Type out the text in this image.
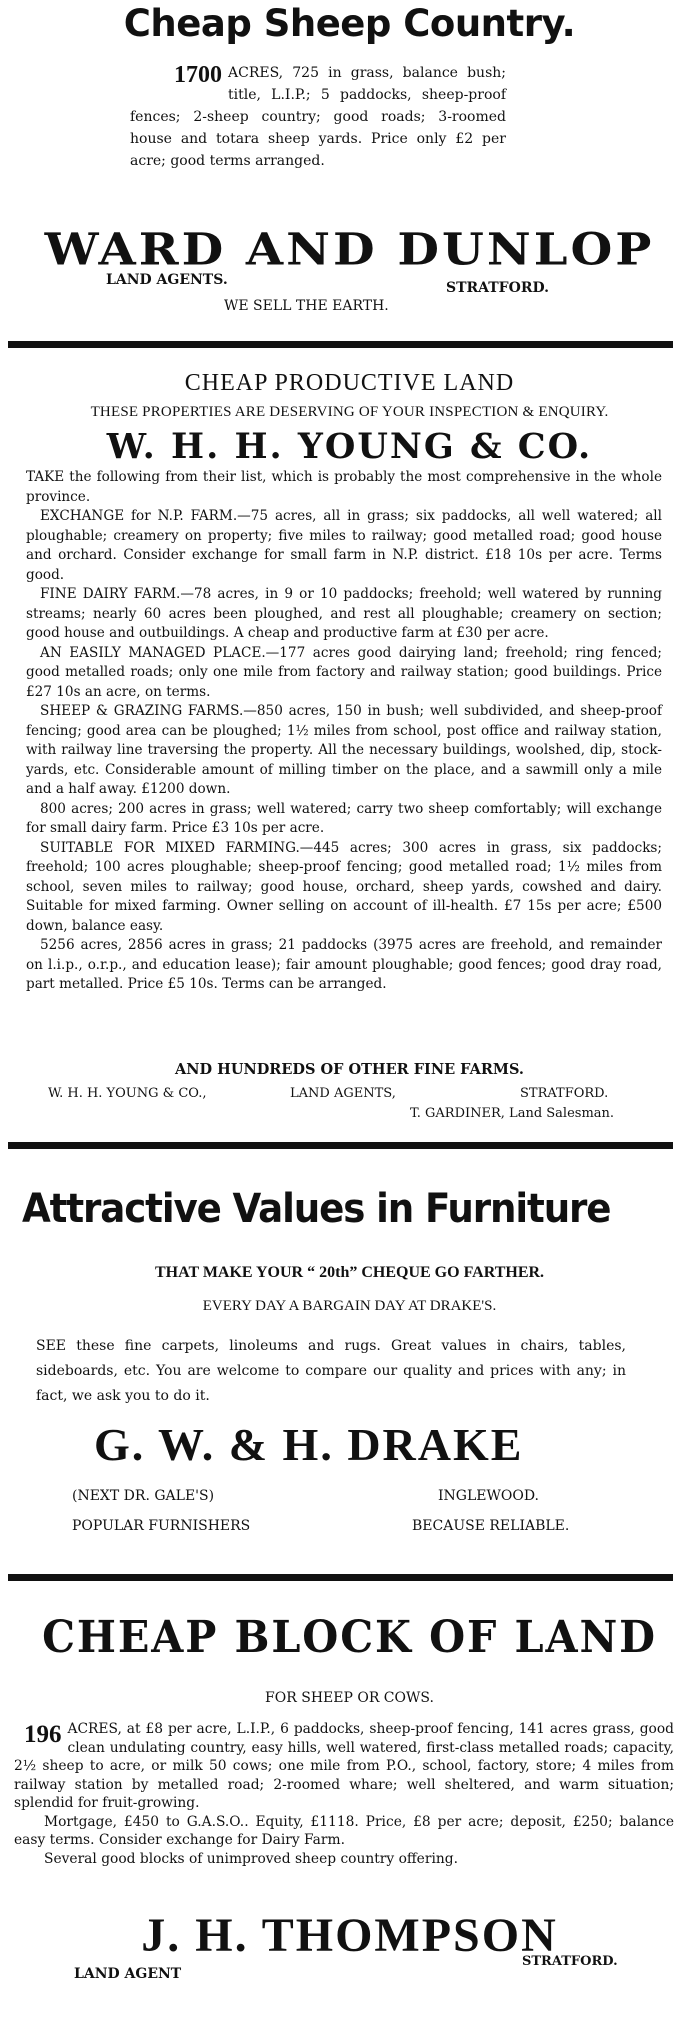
Cheap Sheep Country.
1700 ACRES, 725 in grass, balance bush; title, L.I.P.; 5 paddocks, sheep-proof fences; 2-sheep country; good roads; 3-roomed house and totara sheep yards. Price only £2 per acre; good terms arranged.
WARD AND DUNLOP
LAND AGENTS.	STRATFORD.
WE SELL THE EARTH.
CHEAP PRODUCTIVE LAND
THESE PROPERTIES ARE DESERVING OF YOUR INSPECTION & ENQUIRY.
W. H. H. YOUNG & CO.

TAKE the following from their list, which is probably the most comprehensive in the whole province.

EXCHANGE for N.P. FARM.—75 acres, all in grass; six paddocks, all well watered; all ploughable; creamery on property; five miles to railway; good metalled road; good house and orchard. Consider exchange for small farm in N.P. district. £18 10s per acre. Terms good.

FINE DAIRY FARM.—78 acres, in 9 or 10 paddocks; freehold; well watered by running streams; nearly 60 acres been ploughed, and rest all ploughable; creamery on section; good house and outbuildings. A cheap and productive farm at £30 per acre.

AN EASILY MANAGED PLACE.—177 acres good dairying land; freehold; ring fenced; good metalled roads; only one mile from factory and railway station; good buildings. Price £27 10s an acre, on terms.

SHEEP & GRAZING FARMS.—850 acres, 150 in bush; well subdivided, and sheep-proof fencing; good area can be ploughed; 1½ miles from school, post office and railway station, with railway line traversing the property. All the necessary buildings, woolshed, dip, stock-yards, etc. Considerable amount of milling timber on the place, and a sawmill only a mile and a half away. £1200 down.

800 acres; 200 acres in grass; well watered; carry two sheep comfortably; will exchange for small dairy farm. Price £3 10s per acre.

SUITABLE FOR MIXED FARMING.—445 acres; 300 acres in grass, six paddocks; freehold; 100 acres ploughable; sheep-proof fencing; good metalled road; 1½ miles from school, seven miles to railway; good house, orchard, sheep yards, cowshed and dairy. Suitable for mixed farming. Owner selling on account of ill-health. £7 15s per acre; £500 down, balance easy.

5256 acres, 2856 acres in grass; 21 paddocks (3975 acres are freehold, and remainder on l.i.p., o.r.p., and education lease); fair amount ploughable; good fences; good dray road, part metalled. Price £5 10s. Terms can be arranged.

AND HUNDREDS OF OTHER FINE FARMS.
W. H. H. YOUNG & CO.,	LAND AGENTS,	STRATFORD.
T. GARDINER, Land Salesman.
Attractive Values in Furniture
THAT MAKE YOUR “ 20th” CHEQUE GO FARTHER.
EVERY DAY A BARGAIN DAY AT DRAKE'S.
SEE these fine carpets, linoleums and rugs. Great values in chairs, tables, sideboards, etc. You are welcome to compare our quality and prices with any; in fact, we ask you to do it.
G. W. & H. DRAKE
(NEXT DR. GALE'S)	INGLEWOOD.
POPULAR FURNISHERS	BECAUSE RELIABLE.
CHEAP BLOCK OF LAND
FOR SHEEP OR COWS.
196 ACRES, at £8 per acre, L.I.P., 6 paddocks, sheep-proof fencing, 141 acres grass, good clean undulating country, easy hills, well watered, first-class metalled roads; capacity, 2½ sheep to acre, or milk 50 cows; one mile from P.O., school, factory, store; 4 miles from railway station by metalled road; 2-roomed whare; well sheltered, and warm situation; splendid for fruit-growing.

Mortgage, £450 to G.A.S.O.. Equity, £1118. Price, £8 per acre; deposit, £250; balance easy terms. Consider exchange for Dairy Farm.

Several good blocks of unimproved sheep country offering.

J. H. THOMPSON
LAND AGENT
STRATFORD.
